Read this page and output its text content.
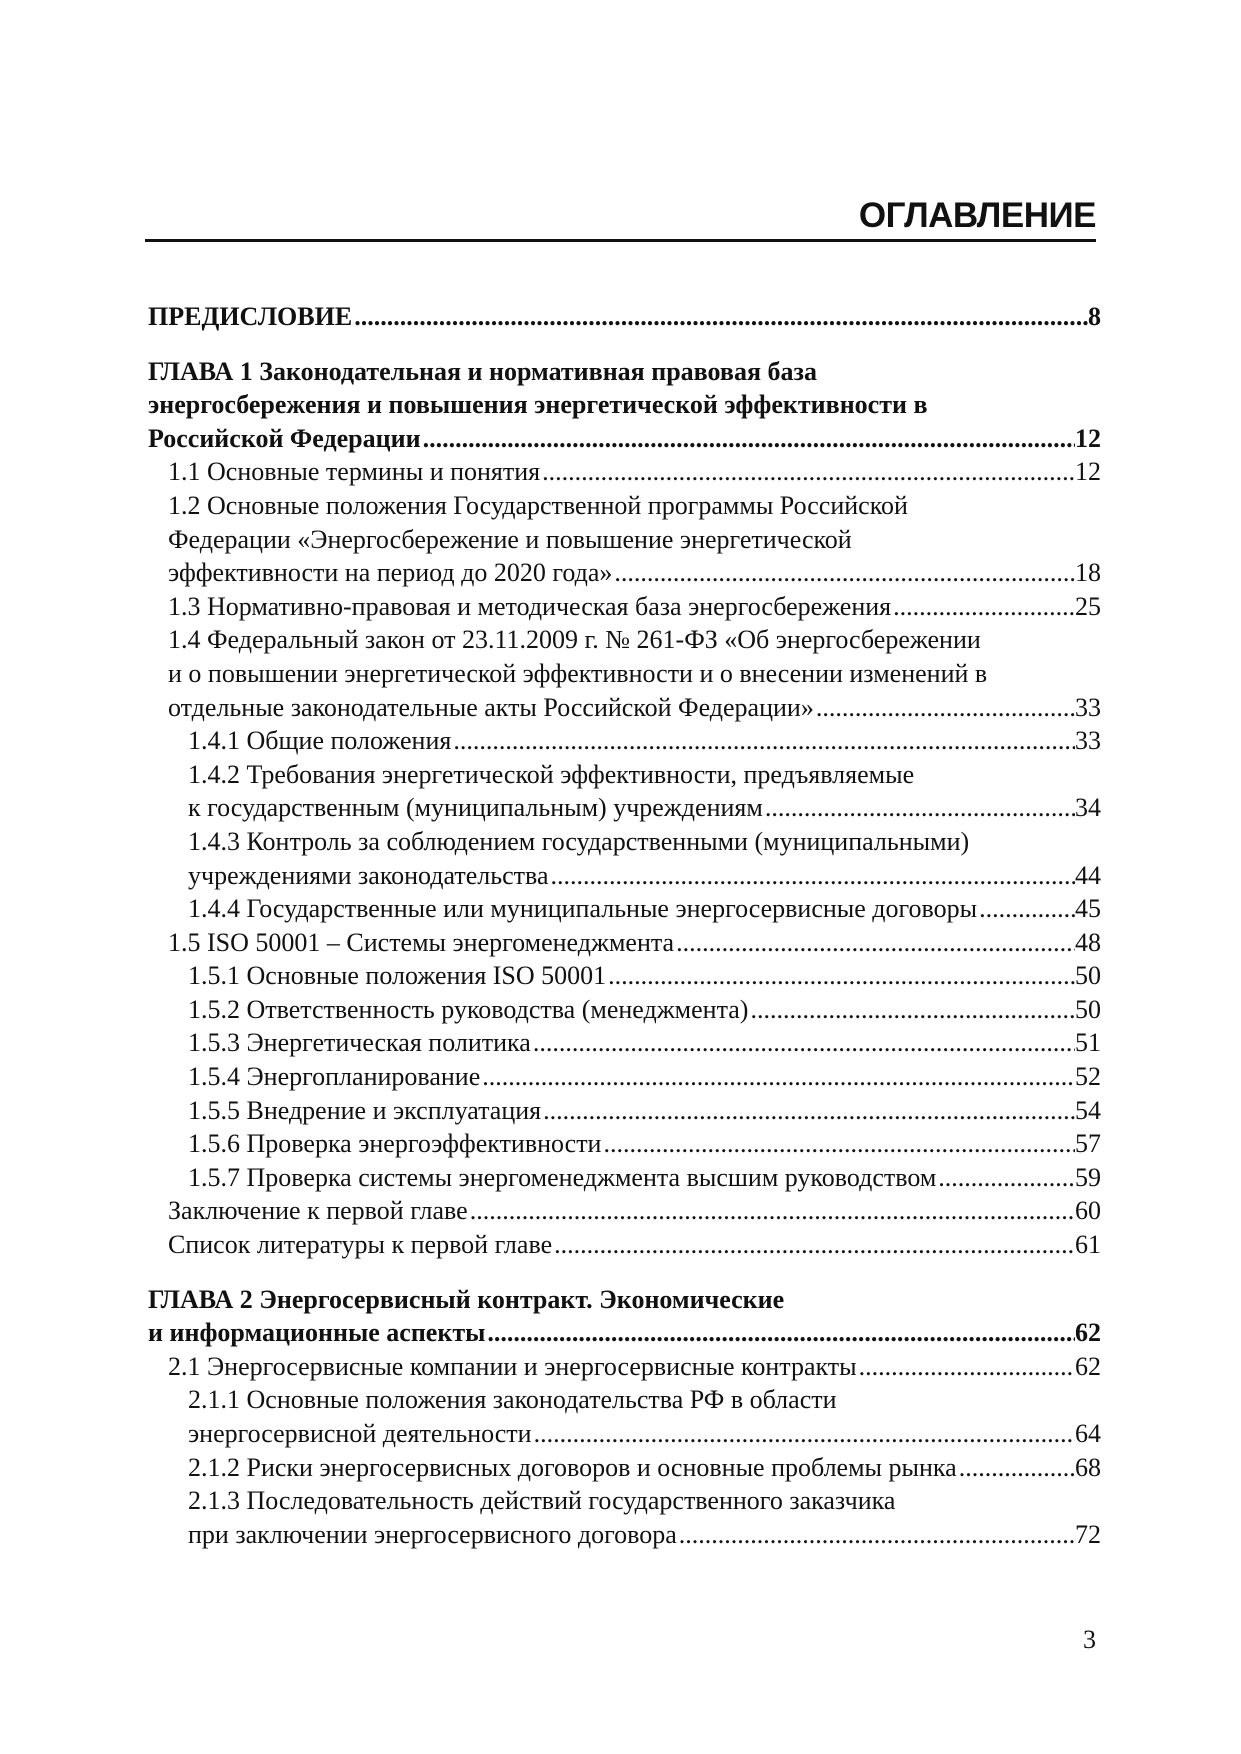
ОГЛАВЛЕНИЕ
ПРЕДИСЛОВИЕ .....	8
ГЛАВА 1 Законодательная и нормативная правовая база
энергосбережения и повышения энергетической эффективности в
Российской Федерации .....	12
1.1 Основные термины и понятия .....	12
1.2 Основные положения Государственной программы Российской
Федерации «Энергосбережение и повышение энергетической
эффективности на период до 2020 года» .....	18
1.3 Нормативно-правовая и методическая база энергосбережения .....	25
1.4 Федеральный закон от 23.11.2009 г. № 261-ФЗ «Об энергосбережении
и о повышении энергетической эффективности и о внесении изменений в
отдельные законодательные акты Российской Федерации» .....	33
1.4.1 Общие положения .....	33
1.4.2 Требования энергетической эффективности, предъявляемые
к государственным (муниципальным) учреждениям .....	34
1.4.3 Контроль за соблюдением государственными (муниципальными)
учреждениями законодательства .....	44
1.4.4 Государственные или муниципальные энергосервисные договоры .....	45
1.5 ISO 50001 – Системы энергоменеджмента .....	48
1.5.1 Основные положения ISO 50001 .....	50
1.5.2 Ответственность руководства (менеджмента) .....	50
1.5.3 Энергетическая политика .....	51
1.5.4 Энергопланирование .....	52
1.5.5 Внедрение и эксплуатация .....	54
1.5.6 Проверка энергоэффективности .....	57
1.5.7 Проверка системы энергоменеджмента высшим руководством .....	59
Заключение к первой главе .....	60
Список литературы к первой главе .....	61
ГЛАВА 2 Энергосервисный контракт. Экономические
и информационные аспекты .....	62
2.1 Энергосервисные компании и энергосервисные контракты .....	62
2.1.1 Основные положения законодательства РФ в области
энергосервисной деятельности .....	64
2.1.2 Риски энергосервисных договоров и основные проблемы рынка .....	68
2.1.3 Последовательность действий государственного заказчика
при заключении энергосервисного договора .....	72
3
